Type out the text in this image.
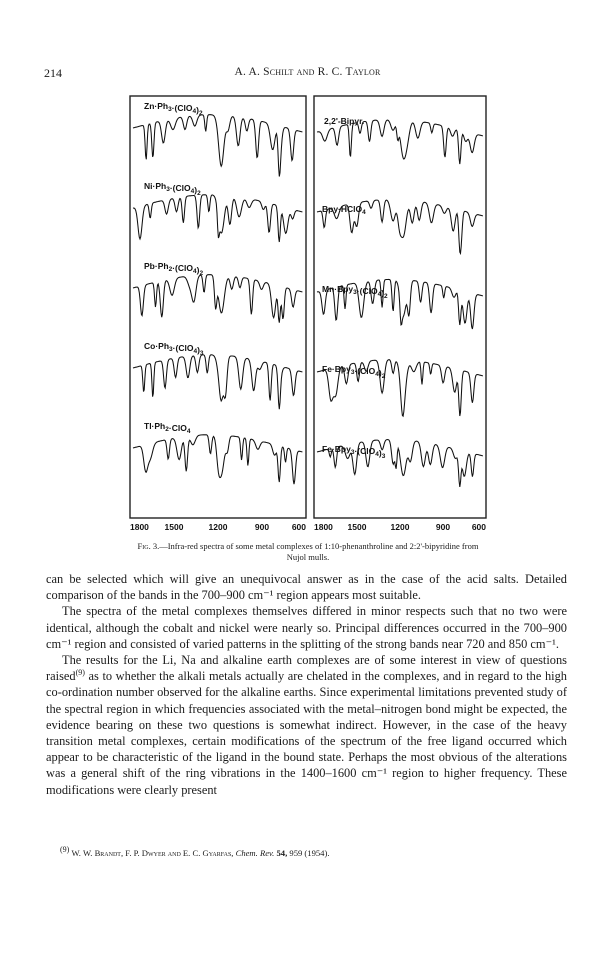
214	A. A. Schilt and R. C. Taylor
$Zn\cdot Ph_3\cdot(ClO_4)_2$
$Ni\cdot Ph_3\cdot(ClO_4)_2$
$Pb\cdot Ph_2\cdot(ClO_4)_2$
$Co\cdot Ph_3\cdot(ClO_4)_3$
$Tl\cdot Ph_2\cdot ClO_4$
2,2'-Bipyr.
Bpy·HClO$_4$
$Mn\cdot Bpy_3\cdot(ClO_4)_2$
$Fe\cdot Bpy_3\cdot(ClO_4)_2$
$Fe\cdot Bpy_3\cdot(ClO_4)_3$
1800 1500	1200	900	600 1800 1500	1200	900	600
Fig. 3.—Infra-red spectra of some metal complexes of 1:10-phenanthroline and 2:2'-bipyridine from Nujol mulls.

can be selected which will give an unequivocal answer as in the case of the acid salts. Detailed comparison of the bands in the 700–900 cm⁻¹ region appears most suitable.

The spectra of the metal complexes themselves differed in minor respects such that no two were identical, although the cobalt and nickel were nearly so. Principal differences occurred in the 700–900 cm⁻¹ region and consisted of varied patterns in the splitting of the strong bands near 720 and 850 cm⁻¹.

The results for the Li, Na and alkaline earth complexes are of some interest in view of questions raised$^{(9)}$ as to whether the alkali metals actually are chelated in the complexes, and in regard to the high co-ordination number observed for the alkaline earths. Since experimental limitations prevented study of the spectral region in which frequencies associated with the metal–nitrogen bond might be expected, the evidence bearing on these two questions is somewhat indirect. However, in the case of the heavy transition metal complexes, certain modifications of the spectrum of the free ligand occurred which appear to be characteristic of the ligand in the bound state. Perhaps the most obvious of the alterations was a general shift of the ring vibrations in the 1400–1600 cm⁻¹ region to higher frequency. These modifications were clearly present

$^{(9)}$ W. W. Brandt, F. P. Dwyer and E. C. Gyarfas, Chem. Rev. 54, 959 (1954).
